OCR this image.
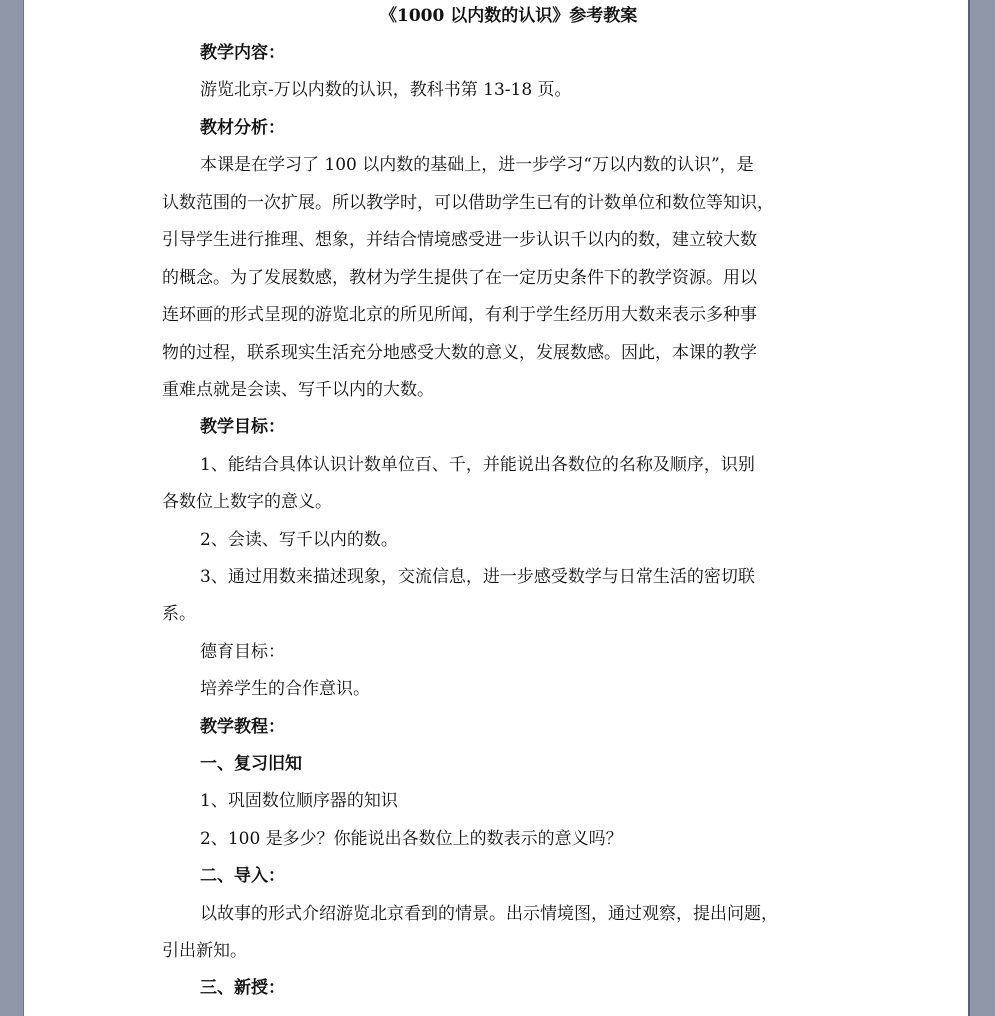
《1000 以内数的认识》参考教案
教学内容：
游览北京-万以内数的认识，教科书第 13-18 页。
教材分析：
本课是在学习了 100 以内数的基础上，进一步学习“万以内数的认识”，是
认数范围的一次扩展。所以教学时，可以借助学生已有的计数单位和数位等知识，
引导学生进行推理、想象，并结合情境感受进一步认识千以内的数，建立较大数
的概念。为了发展数感，教材为学生提供了在一定历史条件下的教学资源。用以
连环画的形式呈现的游览北京的所见所闻，有利于学生经历用大数来表示多种事
物的过程，联系现实生活充分地感受大数的意义，发展数感。因此，本课的教学
重难点就是会读、写千以内的大数。
教学目标：
1、能结合具体认识计数单位百、千，并能说出各数位的名称及顺序，识别
各数位上数字的意义。
2、会读、写千以内的数。
3、通过用数来描述现象，交流信息，进一步感受数学与日常生活的密切联
系。
德育目标：
培养学生的合作意识。
教学教程：
一、复习旧知
1、巩固数位顺序器的知识
2、100 是多少？你能说出各数位上的数表示的意义吗？
二、导入：
以故事的形式介绍游览北京看到的情景。出示情境图，通过观察，提出问题，
引出新知。
三、新授：
